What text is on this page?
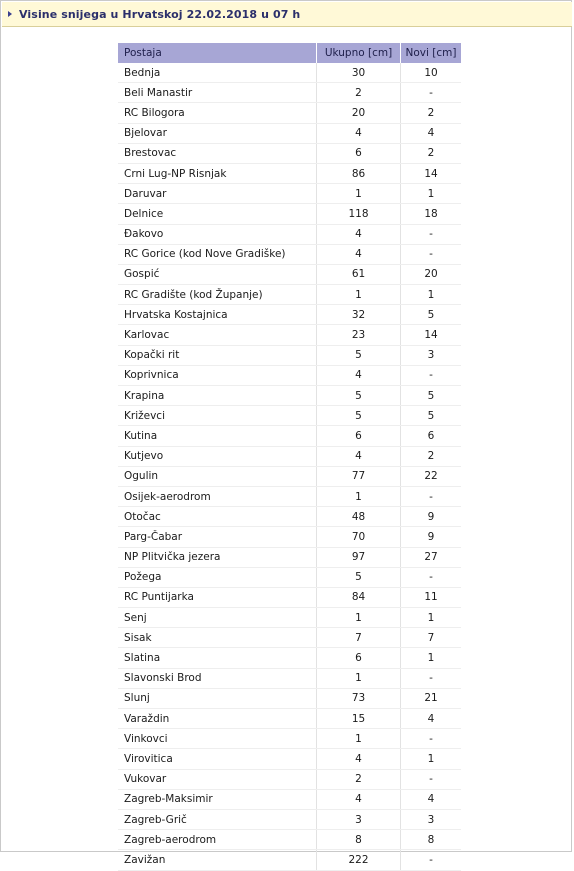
Visine snijega u Hrvatskoj 22.02.2018 u 07 h
Postaja	Ukupno [cm]	Novi [cm]
Bednja	30	10
Beli Manastir	2	-
RC Bilogora	20	2
Bjelovar	4	4
Brestovac	6	2
Crni Lug-NP Risnjak	86	14
Daruvar	1	1
Delnice	118	18
Đakovo	4	-
RC Gorice (kod Nove Gradiške)	4	-
Gospić	61	20
RC Gradište (kod Županje)	1	1
Hrvatska Kostajnica	32	5
Karlovac	23	14
Kopački rit	5	3
Koprivnica	4	-
Krapina	5	5
Križevci	5	5
Kutina	6	6
Kutjevo	4	2
Ogulin	77	22
Osijek-aerodrom	1	-
Otočac	48	9
Parg-Čabar	70	9
NP Plitvička jezera	97	27
Požega	5	-
RC Puntijarka	84	11
Senj	1	1
Sisak	7	7
Slatina	6	1
Slavonski Brod	1	-
Slunj	73	21
Varaždin	15	4
Vinkovci	1	-
Virovitica	4	1
Vukovar	2	-
Zagreb-Maksimir	4	4
Zagreb-Grič	3	3
Zagreb-aerodrom	8	8
Zavižan	222	-
